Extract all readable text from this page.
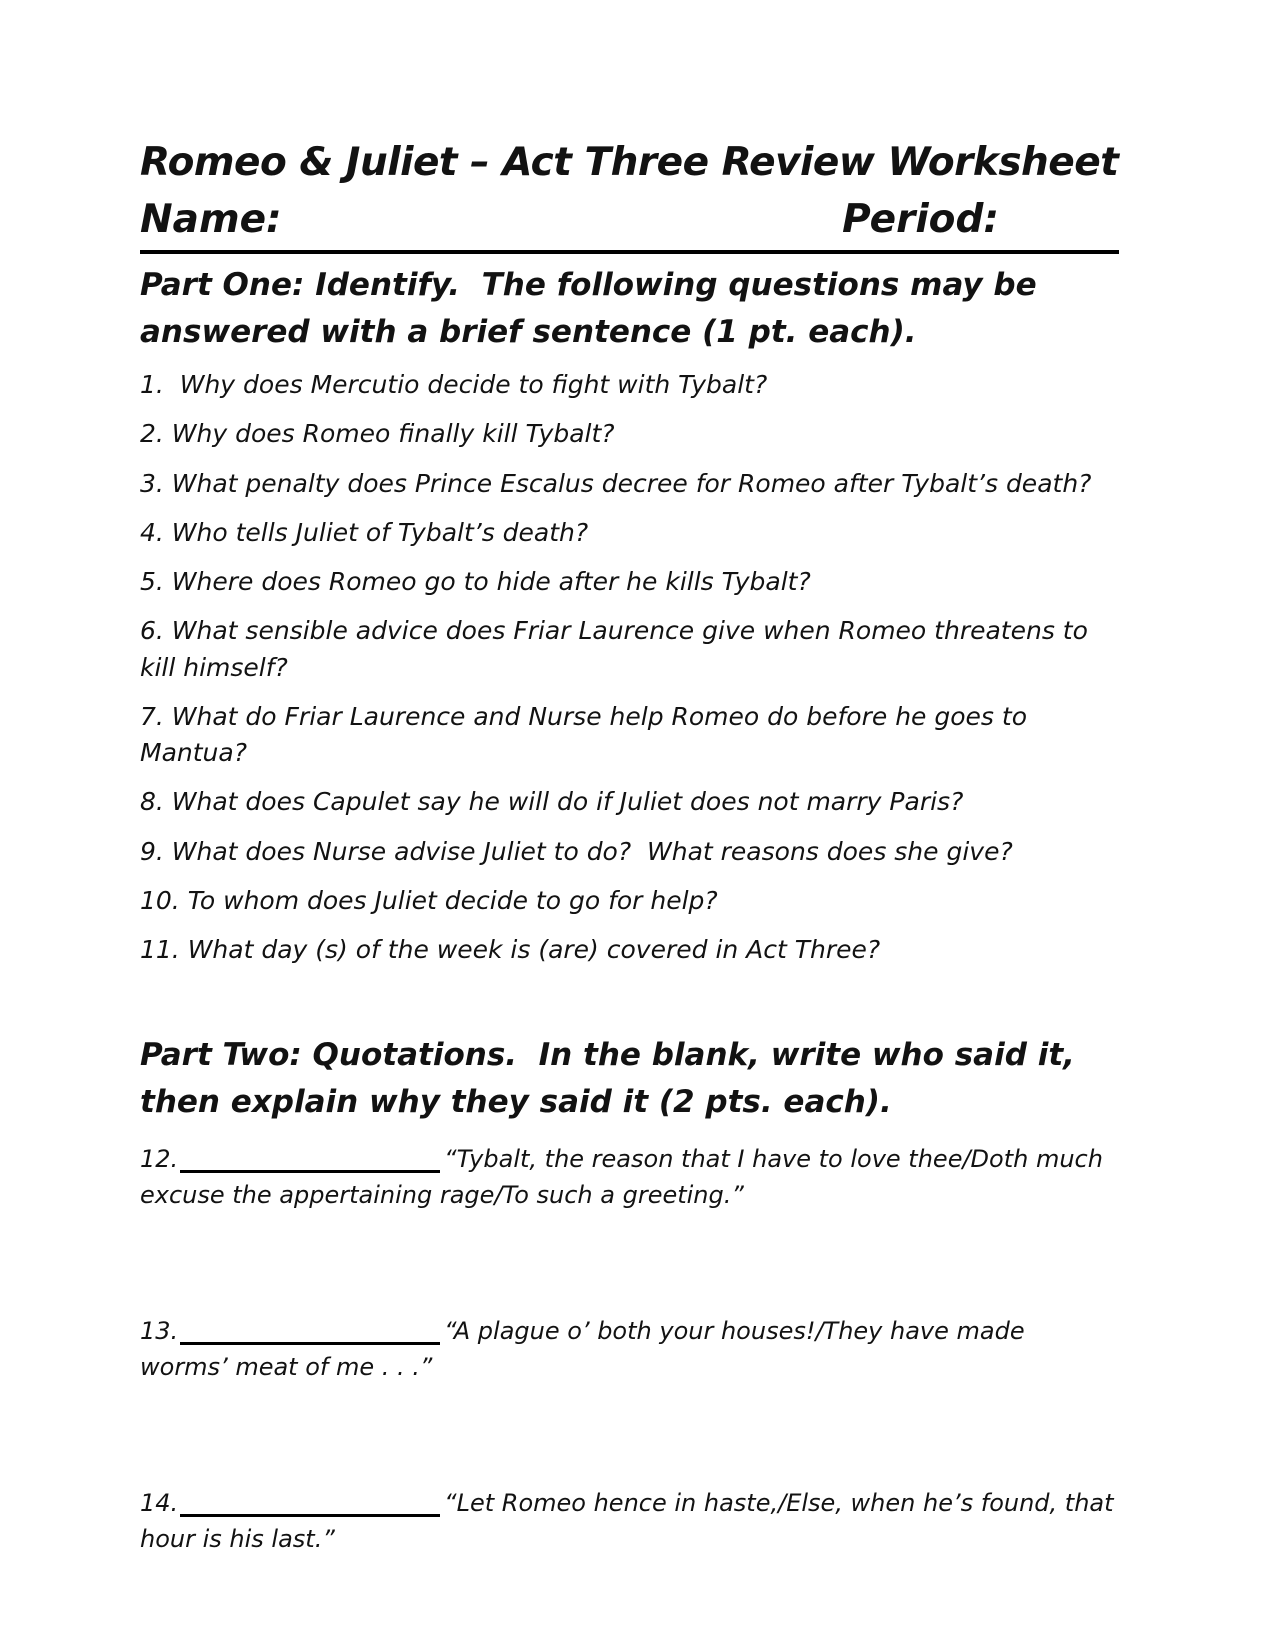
Romeo & Juliet – Act Three Review Worksheet
Name:	Period:

Part One: Identify.  The following questions may be answered with a brief sentence (1 pt. each).

1.  Why does Mercutio decide to fight with Tybalt?

2. Why does Romeo finally kill Tybalt?

3. What penalty does Prince Escalus decree for Romeo after Tybalt’s death?

4. Who tells Juliet of Tybalt’s death?

5. Where does Romeo go to hide after he kills Tybalt?

6. What sensible advice does Friar Laurence give when Romeo threatens to kill himself?

7. What do Friar Laurence and Nurse help Romeo do before he goes to Mantua?

8. What does Capulet say he will do if Juliet does not marry Paris?

9. What does Nurse advise Juliet to do?  What reasons does she give?

10. To whom does Juliet decide to go for help?

11. What day (s) of the week is (are) covered in Act Three?

Part Two: Quotations.  In the blank, write who said it, then explain why they said it (2 pts. each).

12.	“Tybalt, the reason that I have to love thee/Doth much excuse the appertaining rage/To such a greeting.”

13.	“A plague o’ both your houses!/They have made worms’ meat of me . . .”

14.	“Let Romeo hence in haste,/Else, when he’s found, that hour is his last.”
